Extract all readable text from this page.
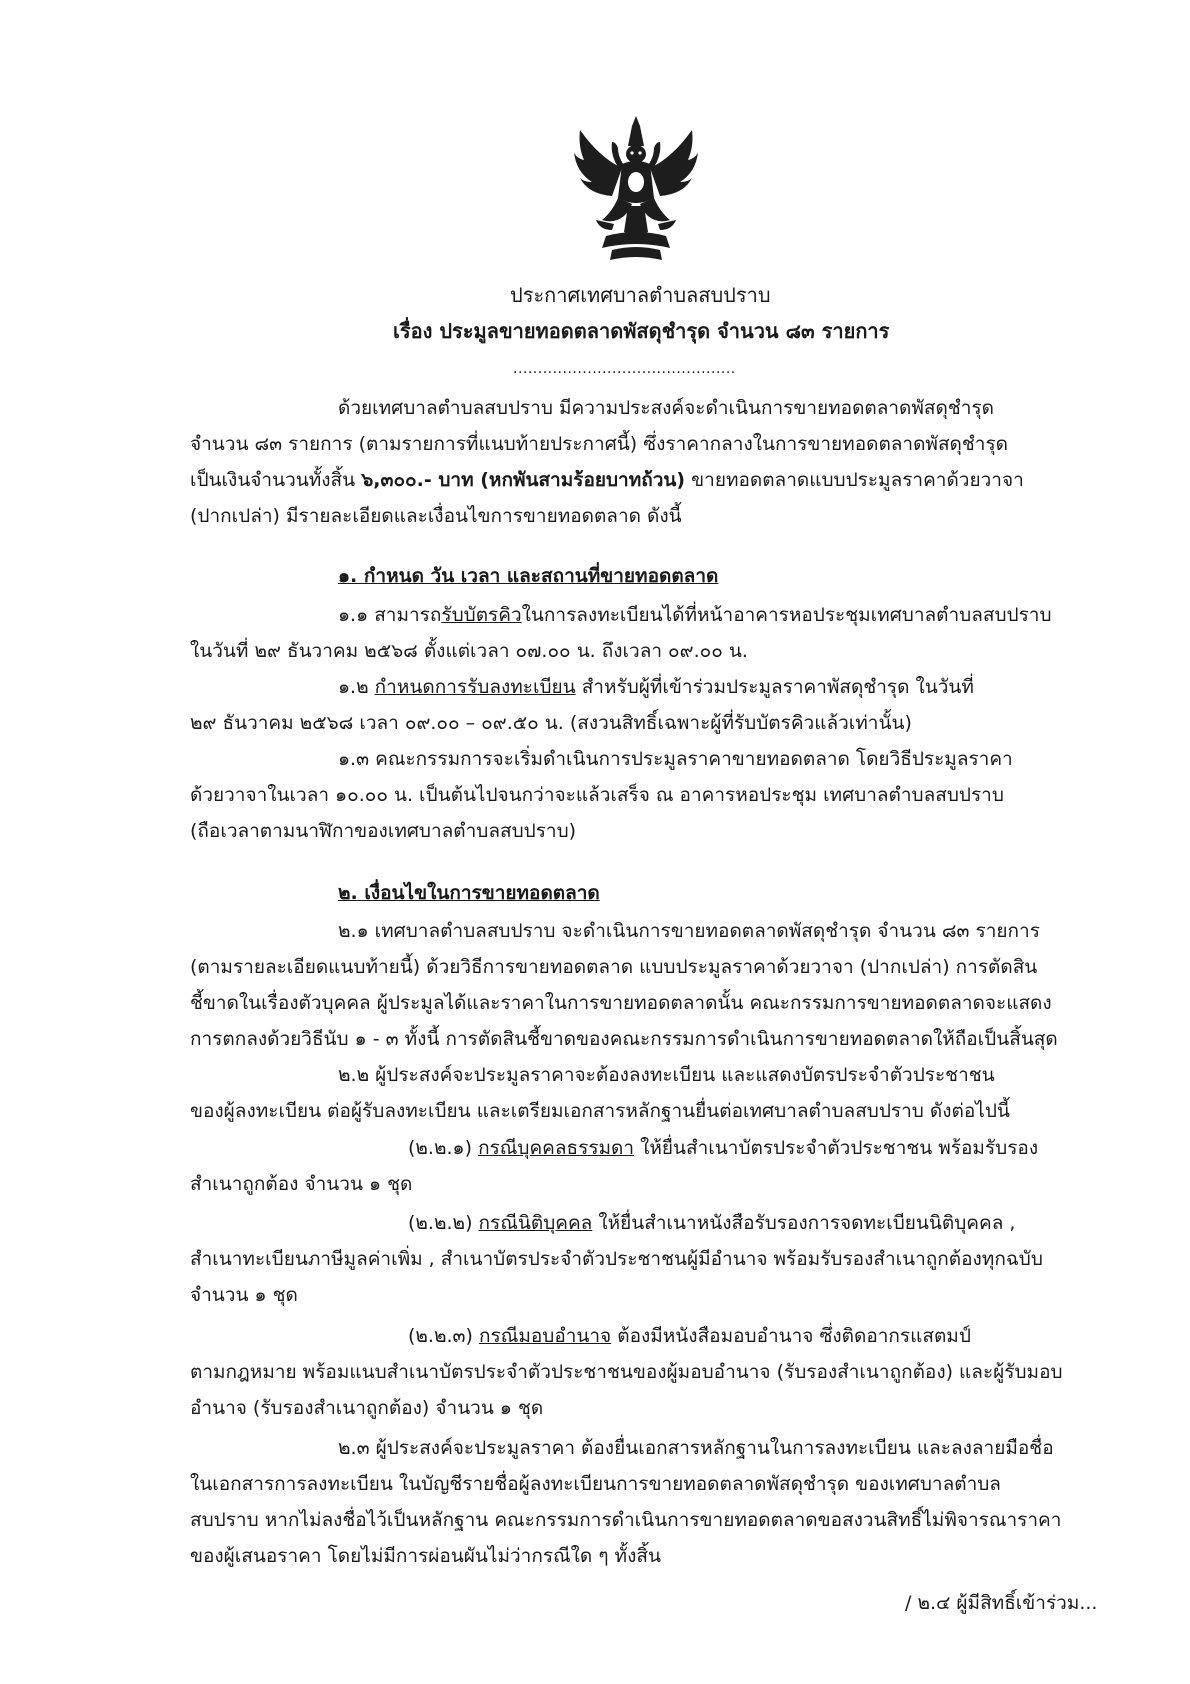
ประกาศเทศบาลตำบลสบปราบ
เรื่อง ประมูลขายทอดตลาดพัสดุชำรุด จำนวน ๘๓ รายการ
.............................................
ด้วยเทศบาลตำบลสบปราบ มีความประสงค์จะดำเนินการขายทอดตลาดพัสดุชำรุด
จำนวน ๘๓ รายการ (ตามรายการที่แนบท้ายประกาศนี้) ซึ่งราคากลางในการขายทอดตลาดพัสดุชำรุด
เป็นเงินจำนวนทั้งสิ้น ๖,๓๐๐.- บาท (หกพันสามร้อยบาทถ้วน) ขายทอดตลาดแบบประมูลราคาด้วยวาจา
(ปากเปล่า) มีรายละเอียดและเงื่อนไขการขายทอดตลาด ดังนี้
๑. กำหนด วัน เวลา และสถานที่ขายทอดตลาด
๑.๑ สามารถรับบัตรคิวในการลงทะเบียนได้ที่หน้าอาคารหอประชุมเทศบาลตำบลสบปราบ
ในวันที่ ๒๙ ธันวาคม ๒๕๖๘ ตั้งแต่เวลา ๐๗.๐๐ น. ถึงเวลา ๐๙.๐๐ น.
๑.๒ กำหนดการรับลงทะเบียน สำหรับผู้ที่เข้าร่วมประมูลราคาพัสดุชำรุด ในวันที่
๒๙ ธันวาคม ๒๕๖๘ เวลา ๐๙.๐๐ – ๐๙.๕๐ น. (สงวนสิทธิ์เฉพาะผู้ที่รับบัตรคิวแล้วเท่านั้น)
๑.๓ คณะกรรมการจะเริ่มดำเนินการประมูลราคาขายทอดตลาด โดยวิธีประมูลราคา
ด้วยวาจาในเวลา ๑๐.๐๐ น. เป็นต้นไปจนกว่าจะแล้วเสร็จ ณ อาคารหอประชุม เทศบาลตำบลสบปราบ
(ถือเวลาตามนาฬิกาของเทศบาลตำบลสบปราบ)
๒. เงื่อนไขในการขายทอดตลาด
๒.๑ เทศบาลตำบลสบปราบ จะดำเนินการขายทอดตลาดพัสดุชำรุด จำนวน ๘๓ รายการ
(ตามรายละเอียดแนบท้ายนี้) ด้วยวิธีการขายทอดตลาด แบบประมูลราคาด้วยวาจา (ปากเปล่า) การตัดสิน
ชี้ขาดในเรื่องตัวบุคคล ผู้ประมูลได้และราคาในการขายทอดตลาดนั้น คณะกรรมการขายทอดตลาดจะแสดง
การตกลงด้วยวิธีนับ ๑ - ๓ ทั้งนี้ การตัดสินชี้ขาดของคณะกรรมการดำเนินการขายทอดตลาดให้ถือเป็นสิ้นสุด
๒.๒ ผู้ประสงค์จะประมูลราคาจะต้องลงทะเบียน และแสดงบัตรประจำตัวประชาชน
ของผู้ลงทะเบียน ต่อผู้รับลงทะเบียน และเตรียมเอกสารหลักฐานยื่นต่อเทศบาลตำบลสบปราบ ดังต่อไปนี้
(๒.๒.๑) กรณีบุคคลธรรมดา ให้ยื่นสำเนาบัตรประจำตัวประชาชน พร้อมรับรอง
สำเนาถูกต้อง จำนวน ๑ ชุด
(๒.๒.๒) กรณีนิติบุคคล ให้ยื่นสำเนาหนังสือรับรองการจดทะเบียนนิติบุคคล ,
สำเนาทะเบียนภาษีมูลค่าเพิ่ม , สำเนาบัตรประจำตัวประชาชนผู้มีอำนาจ พร้อมรับรองสำเนาถูกต้องทุกฉบับ
จำนวน ๑ ชุด
(๒.๒.๓) กรณีมอบอำนาจ ต้องมีหนังสือมอบอำนาจ ซึ่งติดอากรแสตมป์
ตามกฎหมาย พร้อมแนบสำเนาบัตรประจำตัวประชาชนของผู้มอบอำนาจ (รับรองสำเนาถูกต้อง) และผู้รับมอบ
อำนาจ (รับรองสำเนาถูกต้อง) จำนวน ๑ ชุด
๒.๓ ผู้ประสงค์จะประมูลราคา ต้องยื่นเอกสารหลักฐานในการลงทะเบียน และลงลายมือชื่อ
ในเอกสารการลงทะเบียน ในบัญชีรายชื่อผู้ลงทะเบียนการขายทอดตลาดพัสดุชำรุด ของเทศบาลตำบล
สบปราบ หากไม่ลงชื่อไว้เป็นหลักฐาน คณะกรรมการดำเนินการขายทอดตลาดขอสงวนสิทธิ์ไม่พิจารณาราคา
ของผู้เสนอราคา โดยไม่มีการผ่อนผันไม่ว่ากรณีใด ๆ ทั้งสิ้น
/ ๒.๔ ผู้มีสิทธิ์เข้าร่วม...
